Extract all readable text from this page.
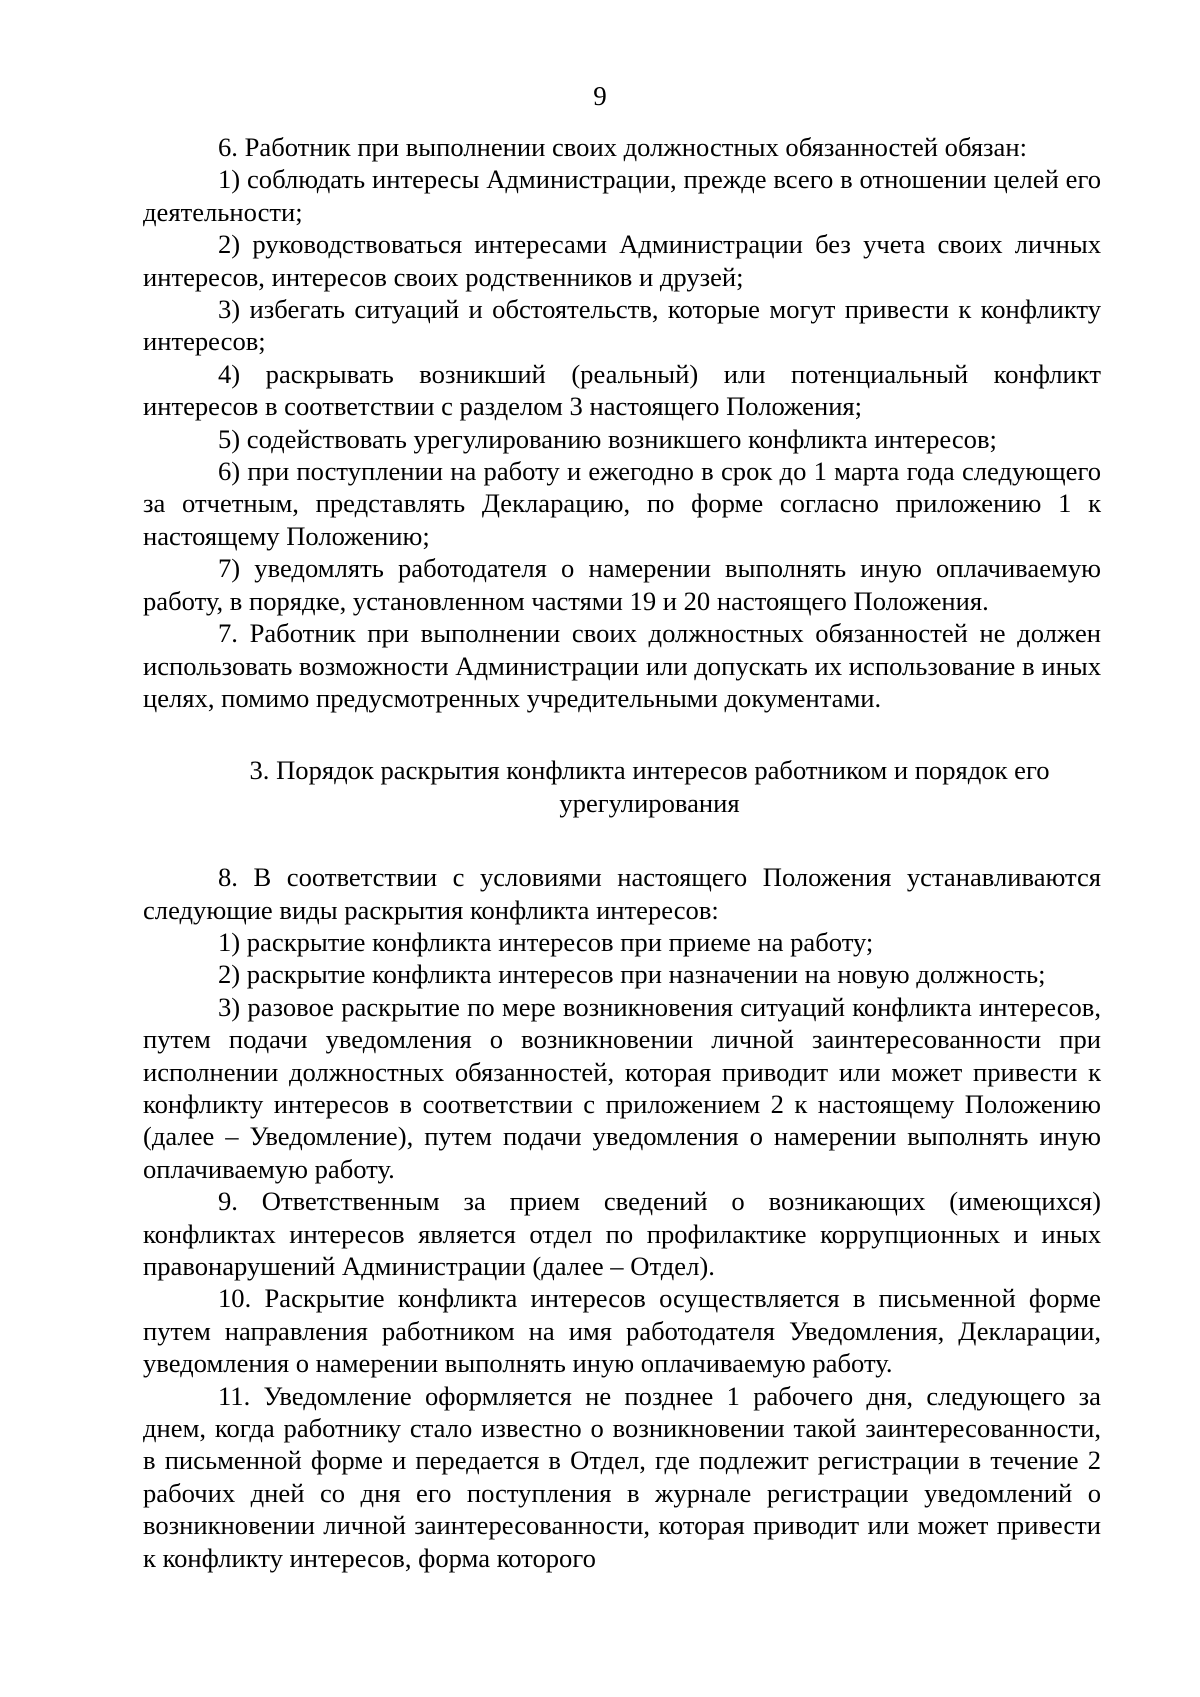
9

6. Работник при выполнении своих должностных обязанностей обязан:

1) соблюдать интересы Администрации, прежде всего в отношении целей его деятельности;

2) руководствоваться интересами Администрации без учета своих личных интересов, интересов своих родственников и друзей;

3) избегать ситуаций и обстоятельств, которые могут привести к конфликту интересов;

4) раскрывать возникший (реальный) или потенциальный конфликт интересов в соответствии с разделом 3 настоящего Положения;

5) содействовать урегулированию возникшего конфликта интересов;

6) при поступлении на работу и ежегодно в срок до 1 марта года следующего за отчетным, представлять Декларацию, по форме согласно приложению 1 к настоящему Положению;

7) уведомлять работодателя о намерении выполнять иную оплачиваемую работу, в порядке, установленном частями 19 и 20 настоящего Положения.

7. Работник при выполнении своих должностных обязанностей не должен использовать возможности Администрации или допускать их использование в иных целях, помимо предусмотренных учредительными документами.

3. Порядок раскрытия конфликта интересов работником и порядок его урегулирования

8. В соответствии с условиями настоящего Положения устанавливаются следующие виды раскрытия конфликта интересов:

1) раскрытие конфликта интересов при приеме на работу;

2) раскрытие конфликта интересов при назначении на новую должность;

3) разовое раскрытие по мере возникновения ситуаций конфликта интересов, путем подачи уведомления о возникновении личной заинтересованности при исполнении должностных обязанностей, которая приводит или может привести к конфликту интересов в соответствии с приложением 2 к настоящему Положению (далее – Уведомление), путем подачи уведомления о намерении выполнять иную оплачиваемую работу.

9. Ответственным за прием сведений о возникающих (имеющихся) конфликтах интересов является отдел по профилактике коррупционных и иных правонарушений Администрации (далее – Отдел).

10. Раскрытие конфликта интересов осуществляется в письменной форме путем направления работником на имя работодателя Уведомления, Декларации, уведомления о намерении выполнять иную оплачиваемую работу.

11. Уведомление оформляется не позднее 1 рабочего дня, следующего за днем, когда работнику стало известно о возникновении такой заинтересованности, в письменной форме и передается в Отдел, где подлежит регистрации в течение 2 рабочих дней со дня его поступления в журнале регистрации уведомлений о возникновении личной заинтересованности, которая приводит или может привести к конфликту интересов, форма которого
